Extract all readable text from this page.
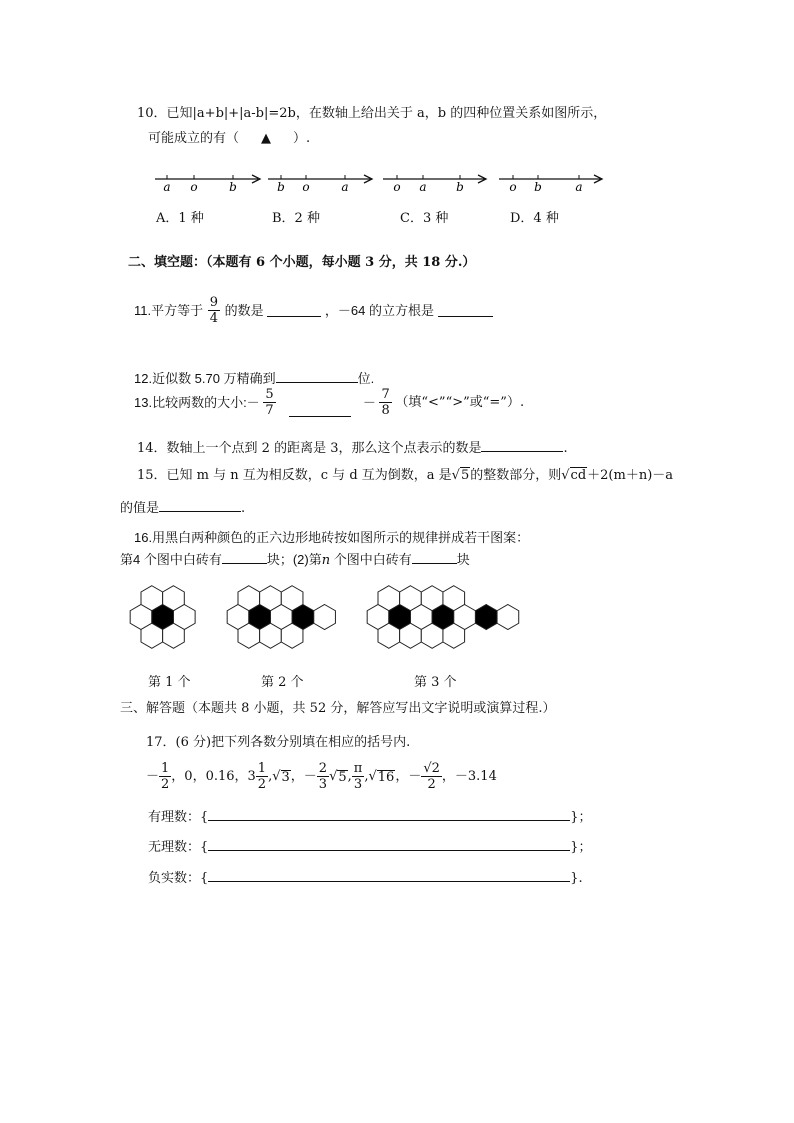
10．已知|a+b|+|a-b|=2b，在数轴上给出关于 a，b 的四种位置关系如图所示，
可能成立的有（ ▲ ）.
a o	b	b o	a	o a b	o b	a
A．1 种	B．2 种	C．3 种	D．4 种
二、填空题：（本题有 6 个小题，每小题 3 分，共 18 分.）
11.平方等于 $\frac{9}{4}$ 的数是	，－64 的立方根是
12.近似数 5.70 万精确到	位.
13.比较两数的大小:－ $\frac{5}{7}$	－ $\frac{7}{8}$ （填“<”“>”或“=”）.
14．数轴上一个点到 2 的距离是 3，那么这个点表示的数是	.
15．已知 m 与 n 互为相反数，c 与 d 互为倒数，a 是√5的整数部分，则√cd＋2(m＋n)－a
的值是	.
16.用黑白两种颜色的正六边形地砖按如图所示的规律拼成若干图案：
第4 个图中白砖有	块；(2)第n 个图中白砖有	块
第 1 个	第 2 个	第 3 个
三、解答题（本题共 8 小题，共 52 分，解答应写出文字说明或演算过程.）
17．(6 分)把下列各数分别填在相应的括号内.
－ $\frac{1}{2}$ ，0，0.16，$3 \frac{1}{2} ,√3$，－ $\frac{2}{3} √5$, $\frac{\pi}{3} ,√16$，－ $\frac{√2}{2}$ ，－3.14
有理数：{	}；
无理数：{	}；
负实数：{	}.
